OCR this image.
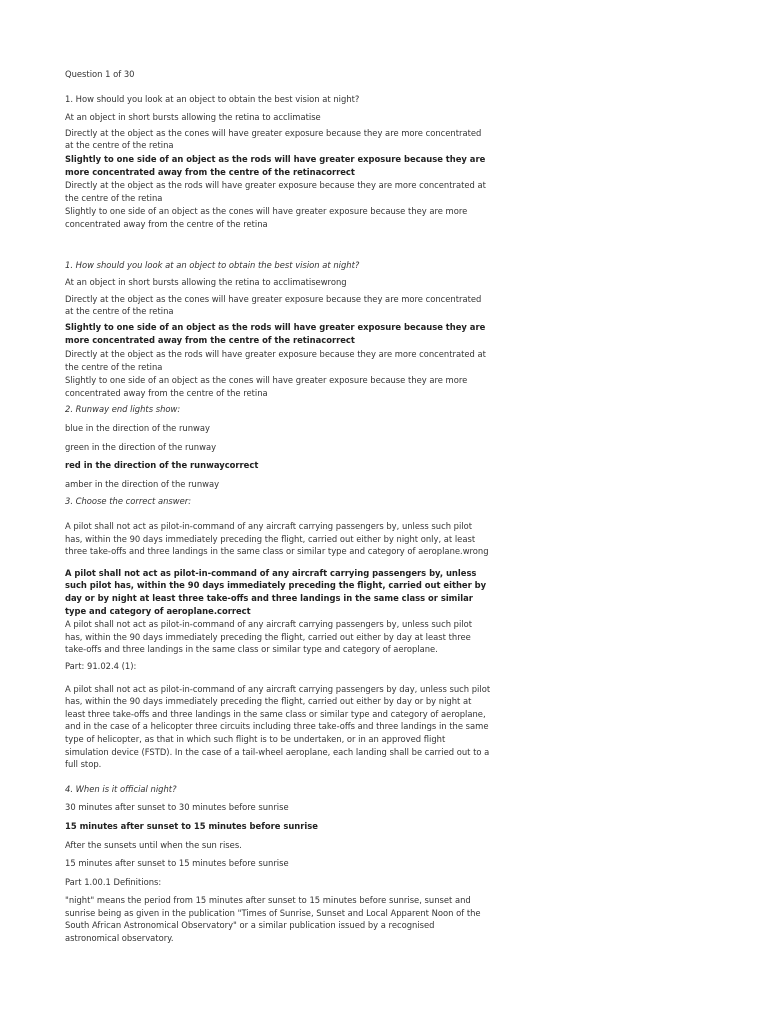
Question 1 of 30

1. How should you look at an object to obtain the best vision at night?

At an object in short bursts allowing the retina to acclimatise

Directly at the object as the cones will have greater exposure because they are more concentrated at the centre of the retina

Slightly to one side of an object as the rods will have greater exposure because they are more concentrated away from the centre of the retinacorrect

Directly at the object as the rods will have greater exposure because they are more concentrated at the centre of the retina

Slightly to one side of an object as the cones will have greater exposure because they are more concentrated away from the centre of the retina

1. How should you look at an object to obtain the best vision at night?

At an object in short bursts allowing the retina to acclimatisewrong

Directly at the object as the cones will have greater exposure because they are more concentrated at the centre of the retina

Slightly to one side of an object as the rods will have greater exposure because they are more concentrated away from the centre of the retinacorrect

Directly at the object as the rods will have greater exposure because they are more concentrated at the centre of the retina

Slightly to one side of an object as the cones will have greater exposure because they are more concentrated away from the centre of the retina

2. Runway end lights show:

blue in the direction of the runway

green in the direction of the runway

red in the direction of the runwaycorrect

amber in the direction of the runway

3. Choose the correct answer:

A pilot shall not act as pilot-in-command of any aircraft carrying passengers by, unless such pilot has, within the 90 days immediately preceding the flight, carried out either by night only, at least three take-offs and three landings in the same class or similar type and category of aeroplane.wrong

A pilot shall not act as pilot-in-command of any aircraft carrying passengers by, unless such pilot has, within the 90 days immediately preceding the flight, carried out either by day or by night at least three take-offs and three landings in the same class or similar type and category of aeroplane.correct

A pilot shall not act as pilot-in-command of any aircraft carrying passengers by, unless such pilot has, within the 90 days immediately preceding the flight, carried out either by day at least three take-offs and three landings in the same class or similar type and category of aeroplane.

Part: 91.02.4 (1):

A pilot shall not act as pilot-in-command of any aircraft carrying passengers by day, unless such pilot has, within the 90 days immediately preceding the flight, carried out either by day or by night at least three take-offs and three landings in the same class or similar type and category of aeroplane, and in the case of a helicopter three circuits including three take-offs and three landings in the same type of helicopter, as that in which such flight is to be undertaken, or in an approved flight simulation device (FSTD). In the case of a tail-wheel aeroplane, each landing shall be carried out to a full stop.

4. When is it official night?

30 minutes after sunset to 30 minutes before sunrise

15 minutes after sunset to 15 minutes before sunrise

After the sunsets until when the sun rises.

15 minutes after sunset to 15 minutes before sunrise

Part 1.00.1 Definitions:

"night" means the period from 15 minutes after sunset to 15 minutes before sunrise, sunset and sunrise being as given in the publication "Times of Sunrise, Sunset and Local Apparent Noon of the South African Astronomical Observatory" or a similar publication issued by a recognised astronomical observatory.
